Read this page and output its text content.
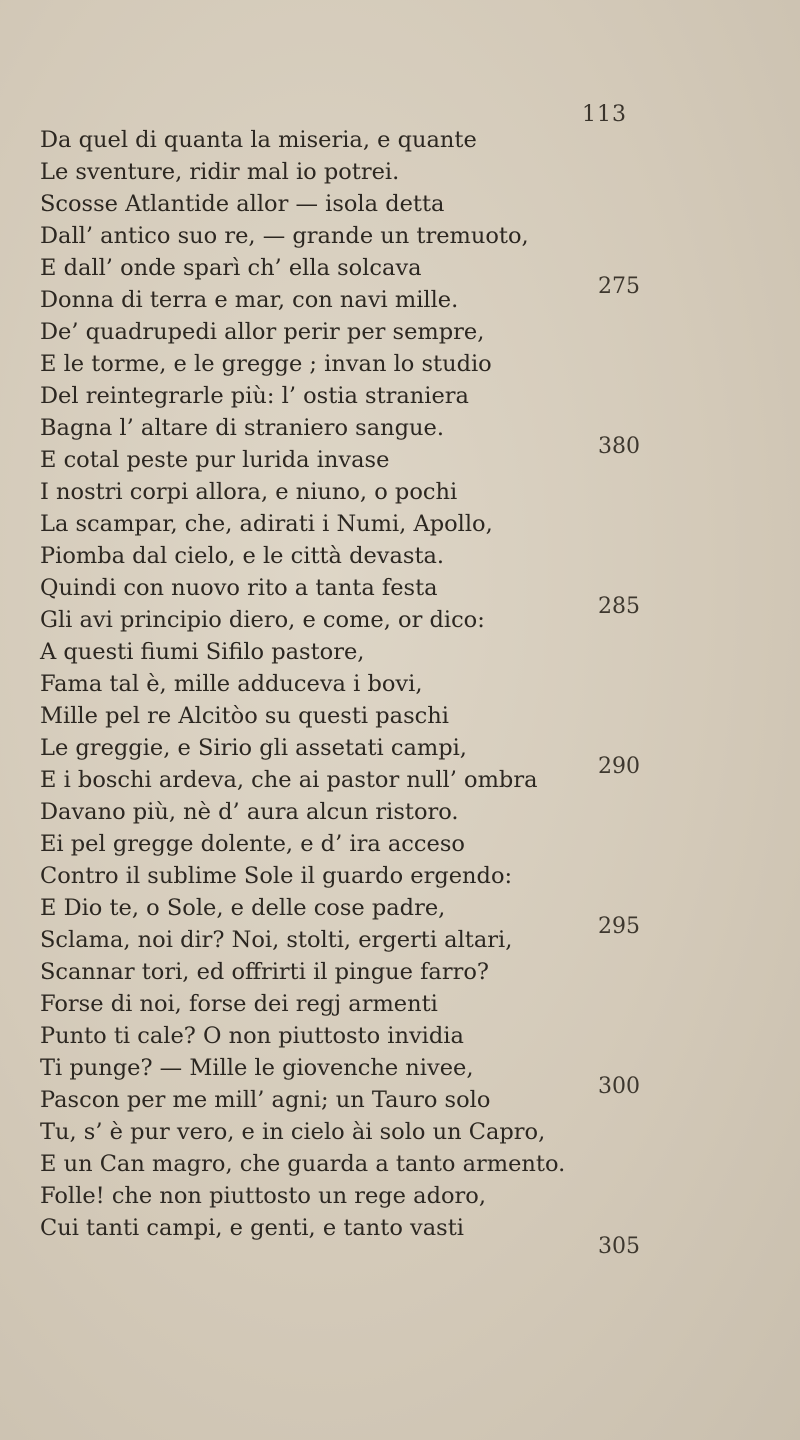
113
Da quel di quanta la miseria, e quante
Le sventure, ridir mal io potrei.
Scosse Atlantide allor — isola detta
Dall’ antico suo re, — grande un tremuoto,
E dall’ onde sparì ch’ ella solcava
Donna di terra e mar, con navi mille.
De’ quadrupedi allor perir per sempre,
E le torme, e le gregge ; invan lo studio
Del reintegrarle più: l’ ostia straniera
Bagna l’ altare di straniero sangue.
E cotal peste pur lurida invase
I nostri corpi allora, e niuno, o pochi
La scampar, che, adirati i Numi, Apollo,
Piomba dal cielo, e le città devasta.
Quindi con nuovo rito a tanta festa
Gli avi principio diero, e come, or dico:
A questi fiumi Sifilo pastore,
Fama tal è, mille adduceva i bovi,
Mille pel re Alcitòo su questi paschi
Le greggie, e Sirio gli assetati campi,
E i boschi ardeva, che ai pastor null’ ombra
Davano più, nè d’ aura alcun ristoro.
Ei pel gregge dolente, e d’ ira acceso
Contro il sublime Sole il guardo ergendo:
E Dio te, o Sole, e delle cose padre,
Sclama, noi dir? Noi, stolti, ergerti altari,
Scannar tori, ed offrirti il pingue farro?
Forse di noi, forse dei regj armenti
Punto ti cale? O non piuttosto invidia
Ti punge? — Mille le giovenche nivee,
Pascon per me mill’ agni; un Tauro solo
Tu, s’ è pur vero, e in cielo ài solo un Capro,
E un Can magro, che guarda a tanto armento.
Folle! che non piuttosto un rege adoro,
Cui tanti campi, e genti, e tanto vasti
275
380
285
290
295
300
305
